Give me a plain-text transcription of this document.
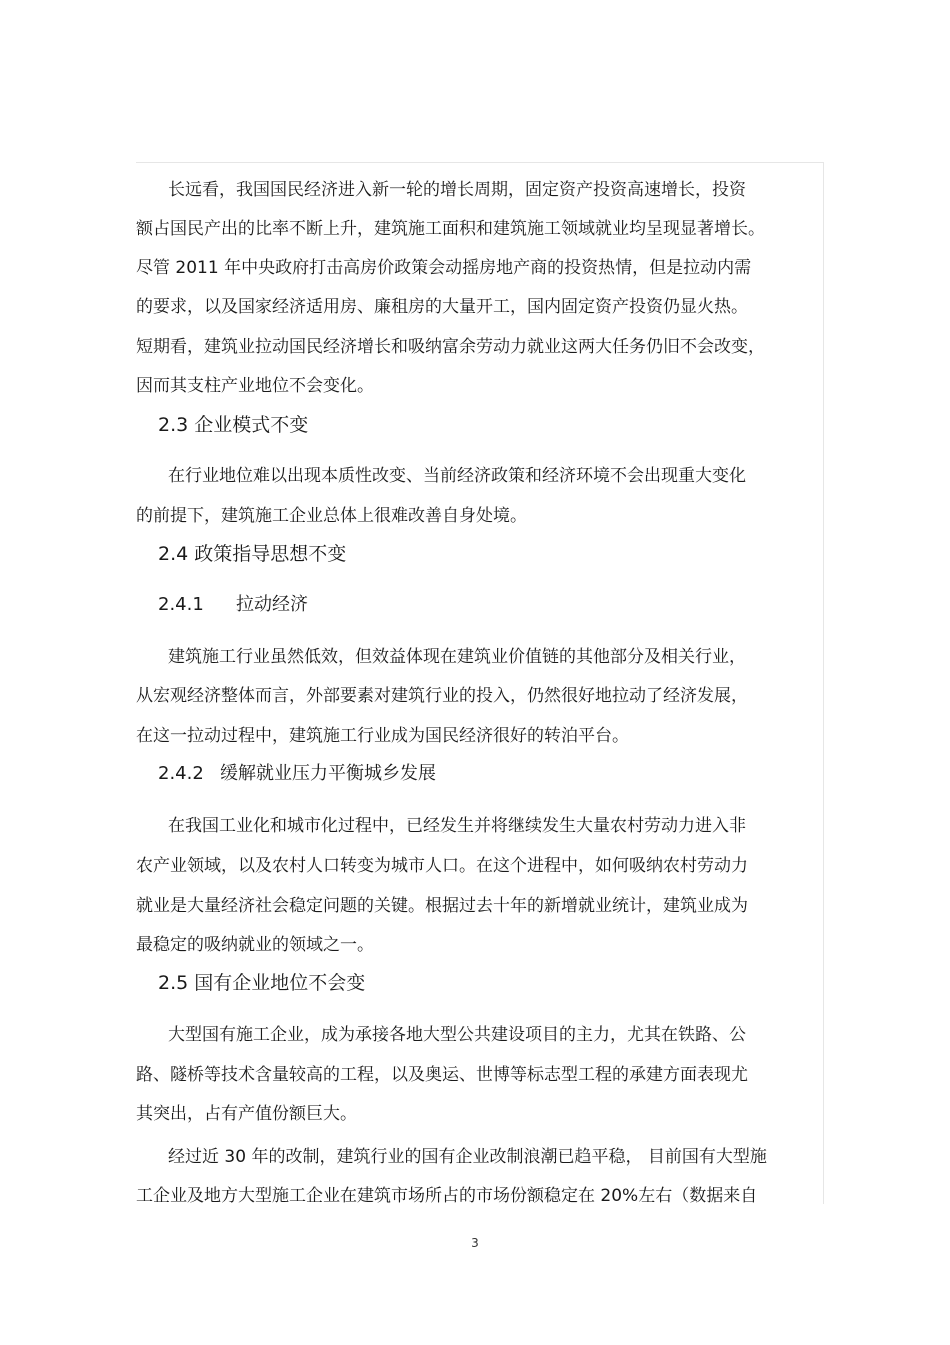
长远看，我国国民经济进入新一轮的增长周期，固定资产投资高速增长，投资
额占国民产出的比率不断上升，建筑施工面积和建筑施工领域就业均呈现显著增长。
尽管 2011 年中央政府打击高房价政策会动摇房地产商的投资热情，但是拉动内需
的要求，以及国家经济适用房、廉租房的大量开工，国内固定资产投资仍显火热。
短期看，建筑业拉动国民经济增长和吸纳富余劳动力就业这两大任务仍旧不会改变，
因而其支柱产业地位不会变化。
2.3 企业模式不变
在行业地位难以出现本质性改变、当前经济政策和经济环境不会出现重大变化
的前提下，建筑施工企业总体上很难改善自身处境。
2.4 政策指导思想不变
2.4.1 拉动经济
建筑施工行业虽然低效，但效益体现在建筑业价值链的其他部分及相关行业，
从宏观经济整体而言，外部要素对建筑行业的投入，仍然很好地拉动了经济发展，
在这一拉动过程中，建筑施工行业成为国民经济很好的转泊平台。
2.4.2 缓解就业压力平衡城乡发展
在我国工业化和城市化过程中，已经发生并将继续发生大量农村劳动力进入非
农产业领域，以及农村人口转变为城市人口。在这个进程中，如何吸纳农村劳动力
就业是大量经济社会稳定问题的关键。根据过去十年的新增就业统计，建筑业成为
最稳定的吸纳就业的领域之一。
2.5 国有企业地位不会变
大型国有施工企业，成为承接各地大型公共建设项目的主力，尤其在铁路、公
路、隧桥等技术含量较高的工程，以及奥运、世博等标志型工程的承建方面表现尤
其突出，占有产值份额巨大。
经过近 30 年的改制，建筑行业的国有企业改制浪潮已趋平稳， 目前国有大型施
工企业及地方大型施工企业在建筑市场所占的市场份额稳定在 20%左右（数据来自
3
